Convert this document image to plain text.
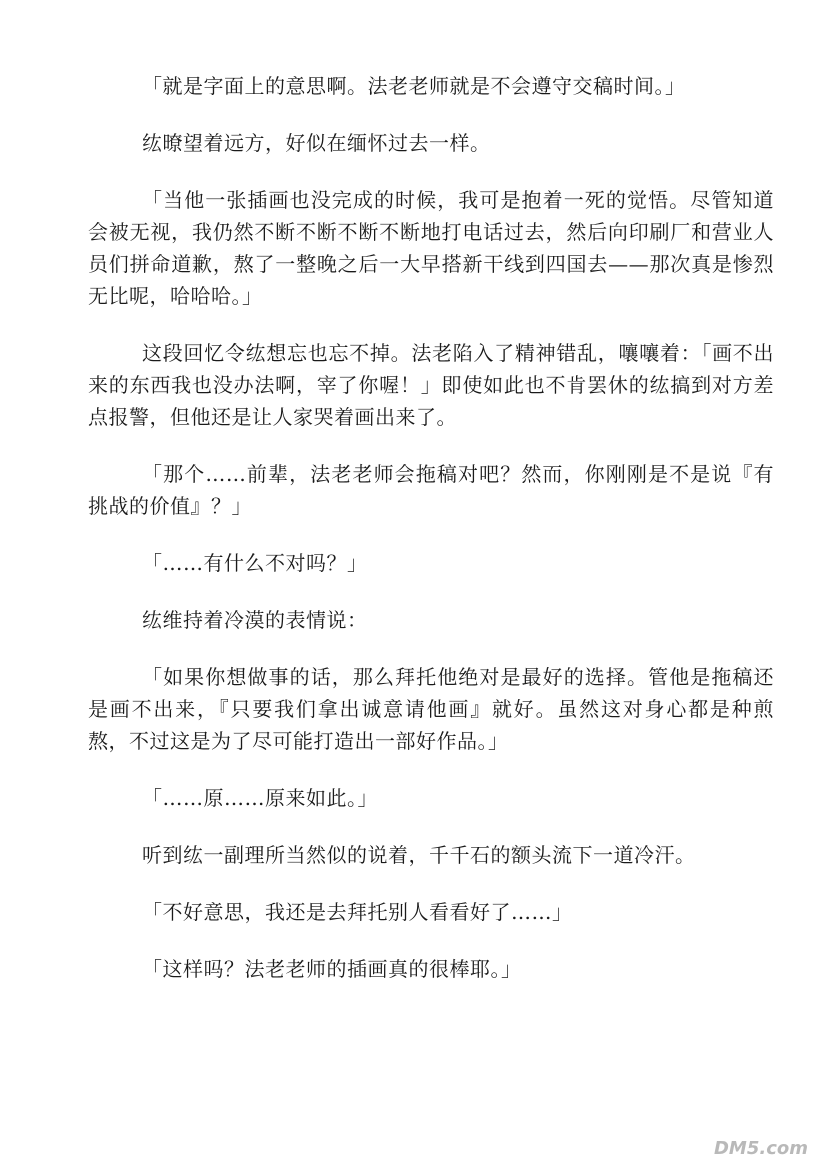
「就是字面上的意思啊。法老老师就是不会遵守交稿时间。」

纮暸望着远方，好似在缅怀过去一样。

「当他一张插画也没完成的时候，我可是抱着一死的觉悟。尽管知道会被无视，我仍然不断不断不断不断地打电话过去，然后向印刷厂和营业人员们拼命道歉，熬了一整晚之后一大早搭新干线到四国去——那次真是惨烈无比呢，哈哈哈。」

这段回忆令纮想忘也忘不掉。法老陷入了精神错乱，嚷嚷着：「画不出来的东西我也没办法啊，宰了你喔！」即使如此也不肯罢休的纮搞到对方差点报警，但他还是让人家哭着画出来了。

「那个……前辈，法老老师会拖稿对吧？然而，你刚刚是不是说『有挑战的价值』？」

「……有什么不对吗？」

纮维持着冷漠的表情说：

「如果你想做事的话，那么拜托他绝对是最好的选择。管他是拖稿还是画不出来，『只要我们拿出诚意请他画』就好。虽然这对身心都是种煎熬，不过这是为了尽可能打造出一部好作品。」

「……原……原来如此。」

听到纮一副理所当然似的说着，千千石的额头流下一道冷汗。

「不好意思，我还是去拜托别人看看好了……」

「这样吗？法老老师的插画真的很棒耶。」

DM5.com
